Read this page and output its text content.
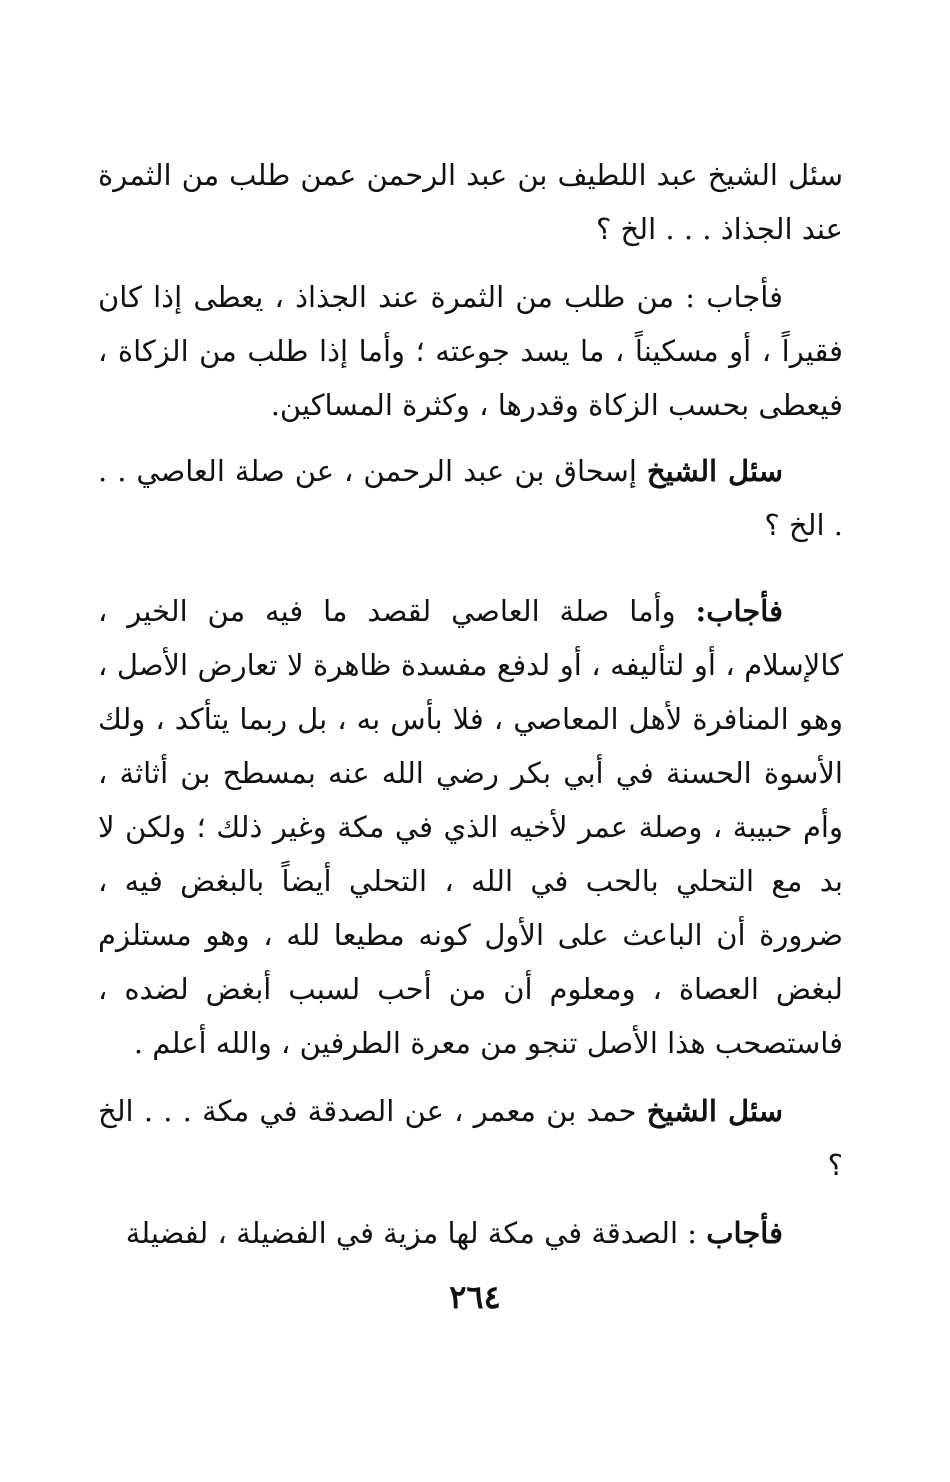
سئل الشيخ عبد اللطيف بن عبد الرحمن عمن طلب من الثمرة عند الجذاذ . . . الخ ؟

فأجاب : من طلب من الثمرة عند الجذاذ ، يعطى إذا كان فقيراً ، أو مسكيناً ، ما يسد جوعته ؛ وأما إذا طلب من الزكاة ، فيعطى بحسب الزكاة وقدرها ، وكثرة المساكين.

سئل الشيخ إسحاق بن عبد الرحمن ، عن صلة العاصي . . . الخ ؟

فأجاب: وأما صلة العاصي لقصد ما فيه من الخير ، كالإسلام ، أو لتأليفه ، أو لدفع مفسدة ظاهرة لا تعارض الأصل ، وهو المنافرة لأهل المعاصي ، فلا بأس به ، بل ربما يتأكد ، ولك الأسوة الحسنة في أبي بكر رضي الله عنه بمسطح بن أثاثة ، وأم حبيبة ، وصلة عمر لأخيه الذي في مكة وغير ذلك ؛ ولكن لا بد مع التحلي بالحب في الله ، التحلي أيضاً بالبغض فيه ، ضرورة أن الباعث على الأول كونه مطيعا لله ، وهو مستلزم لبغض العصاة ، ومعلوم أن من أحب لسبب أبغض لضده ، فاستصحب هذا الأصل تنجو من معرة الطرفين ، والله أعلم .

سئل الشيخ حمد بن معمر ، عن الصدقة في مكة . . . الخ ؟

فأجاب : الصدقة في مكة لها مزية في الفضيلة ، لفضيلة

٢٦٤
